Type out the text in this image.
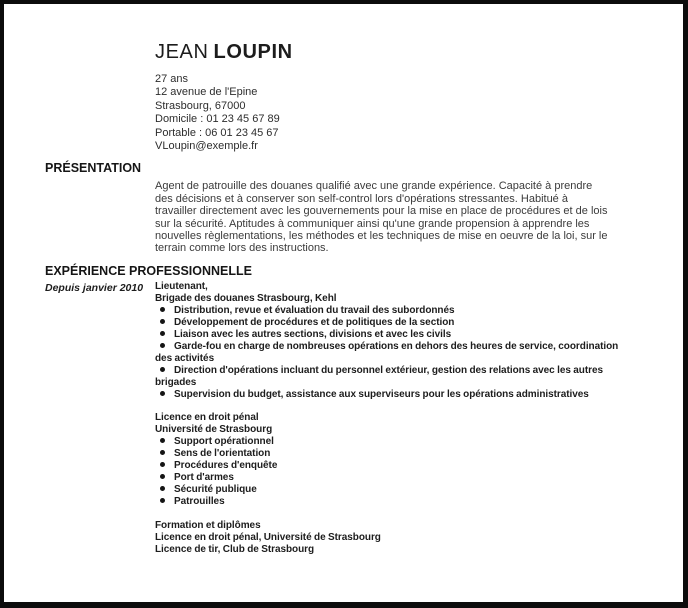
JEAN LOUPIN
27 ans
12 avenue de l'Epine
Strasbourg, 67000
Domicile : 01 23 45 67 89
Portable : 06 01 23 45 67
VLoupin@exemple.fr
PRÉSENTATION

Agent de patrouille des douanes qualifié avec une grande expérience. Capacité à prendre des décisions et à conserver son self-control lors d'opérations stressantes. Habitué à travailler directement avec les gouvernements pour la mise en place de procédures et de lois sur la sécurité. Aptitudes à communiquer ainsi qu'une grande propension à apprendre les nouvelles règlementations, les méthodes et les techniques de mise en oeuvre de la loi, sur le terrain comme lors des instructions.

EXPÉRIENCE PROFESSIONNELLE
Depuis janvier 2010	Lieutenant,
Brigade des douanes Strasbourg, Kehl
Distribution, revue et évaluation du travail des subordonnés
Développement de procédures et de politiques de la section
Liaison avec les autres sections, divisions et avec les civils
Garde-fou en charge de nombreuses opérations en dehors des heures de service, coordination des activités
Direction d'opérations incluant du personnel extérieur, gestion des relations avec les autres brigades
Supervision du budget, assistance aux superviseurs pour les opérations administratives
Licence en droit pénal
Université de Strasbourg
Support opérationnel
Sens de l'orientation
Procédures d'enquête
Port d'armes
Sécurité publique
Patrouilles
Formation et diplômes
Licence en droit pénal, Université de Strasbourg
Licence de tir, Club de Strasbourg
